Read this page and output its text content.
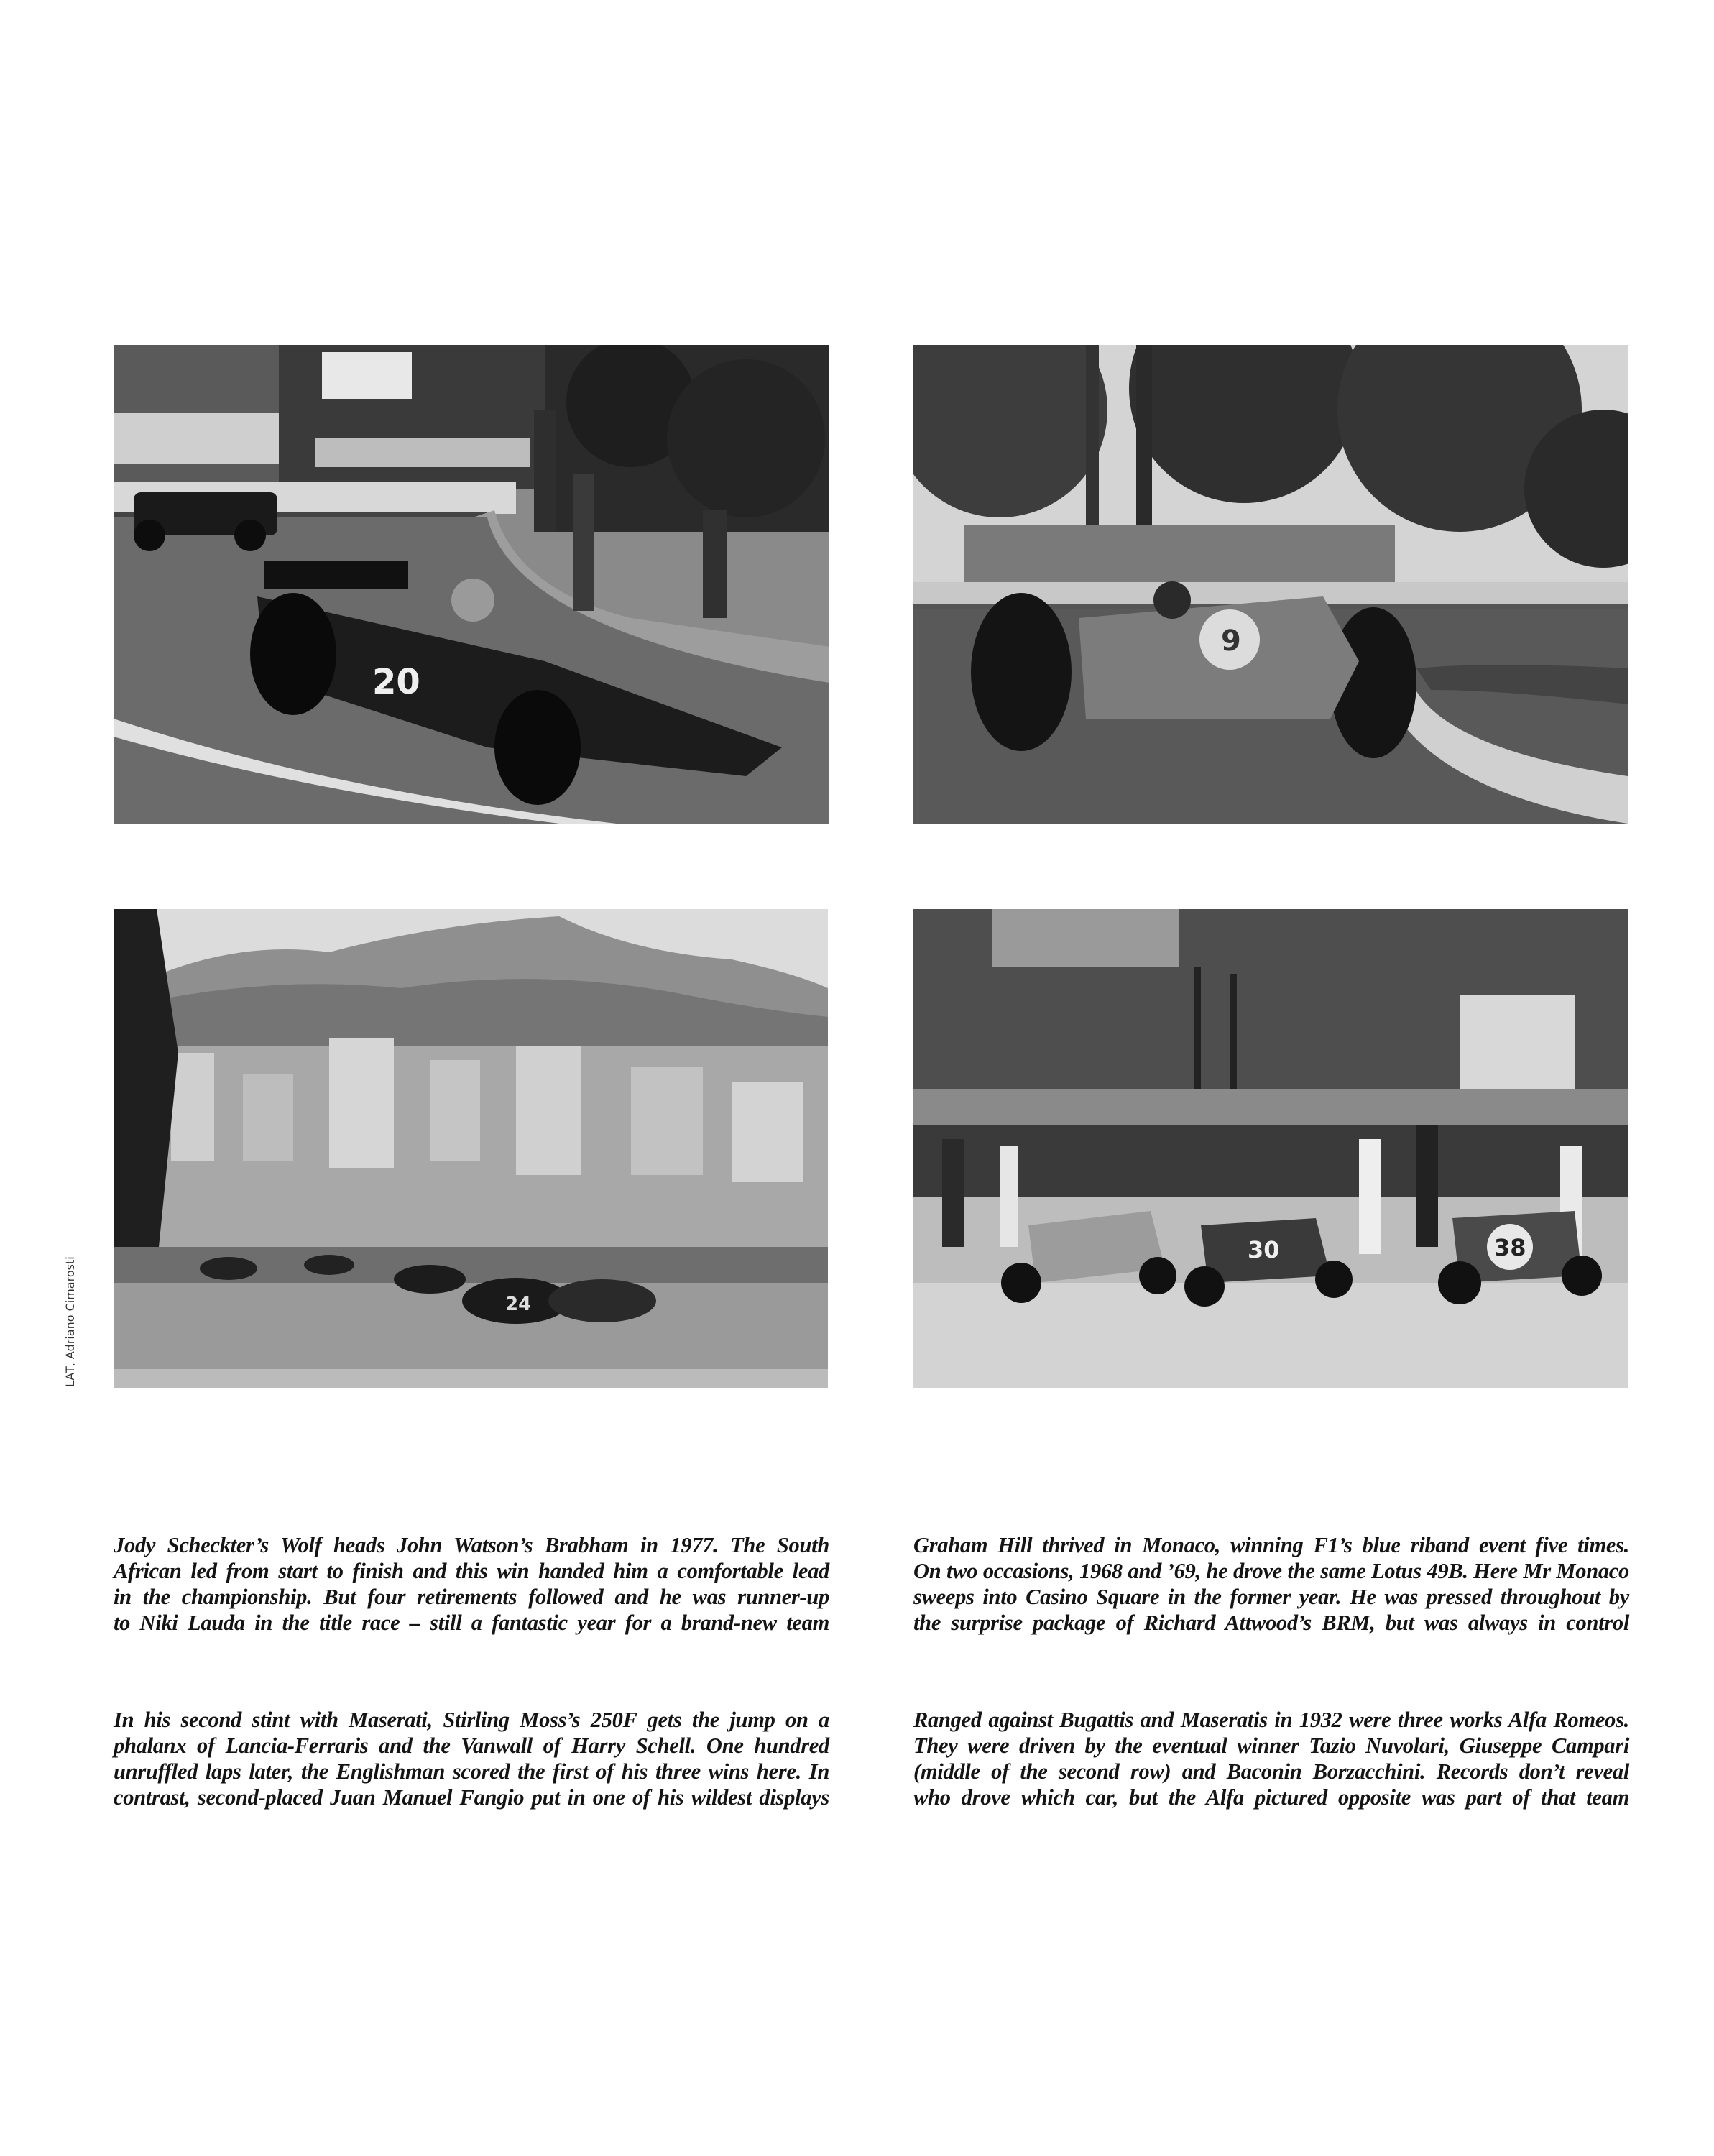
20
9
24
30	38
LAT, Adriano Cimarosti

Jody Scheckter’s Wolf heads John Watson’s Brabham in 1977. The South
African led from start to finish and this win handed him a comfortable lead
in the championship. But four retirements followed and he was runner-up
to Niki Lauda in the title race – still a fantastic year for a brand-new team

Graham Hill thrived in Monaco, winning F1’s blue riband event five times.
On two occasions, 1968 and ’69, he drove the same Lotus 49B. Here Mr Monaco
sweeps into Casino Square in the former year. He was pressed throughout by
the surprise package of Richard Attwood’s BRM, but was always in control

In his second stint with Maserati, Stirling Moss’s 250F gets the jump on a
phalanx of Lancia-Ferraris and the Vanwall of Harry Schell. One hundred
unruffled laps later, the Englishman scored the first of his three wins here. In
contrast, second-placed Juan Manuel Fangio put in one of his wildest displays

Ranged against Bugattis and Maseratis in 1932 were three works Alfa Romeos.
They were driven by the eventual winner Tazio Nuvolari, Giuseppe Campari
(middle of the second row) and Baconin Borzacchini. Records don’t reveal
who drove which car, but the Alfa pictured opposite was part of that team
